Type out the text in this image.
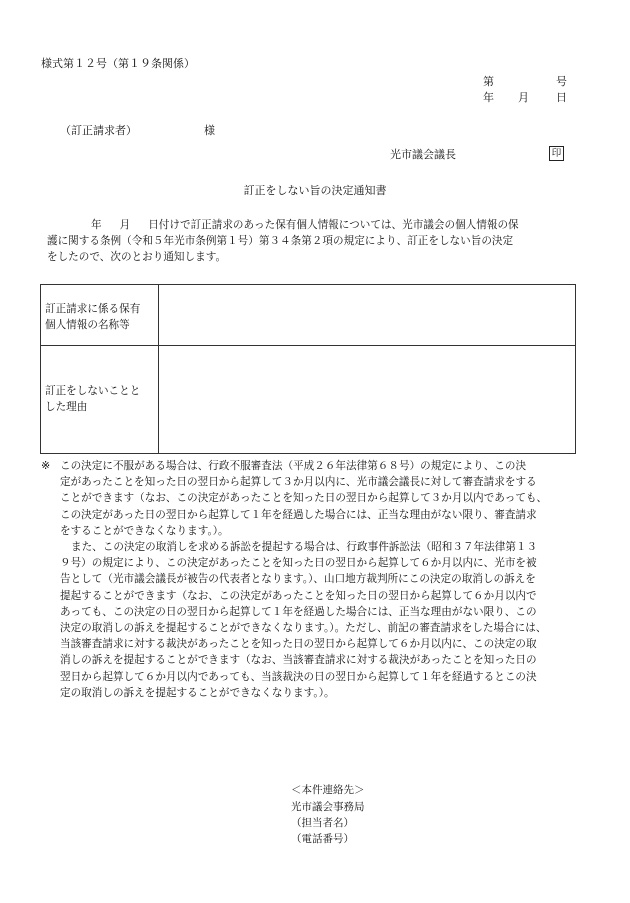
様式第１２号（第１９条関係）
第	号
年 月 日
（訂正請求者）	様
光市議会議長	印
訂正をしない旨の決定通知書
年 月 日付けで訂正請求のあった保有個人情報については、光市議会の個人情報の保
護に関する条例（令和５年光市条例第１号）第３４条第２項の規定により、訂正をしない旨の決定
をしたので、次のとおり通知します。
訂正請求に係る保有
個人情報の名称等
訂正をしないことと
した理由
※ この決定に不服がある場合は、行政不服審査法（平成２６年法律第６８号）の規定により、この決
定があったことを知った日の翌日から起算して３か月以内に、光市議会議長に対して審査請求をする
ことができます（なお、この決定があったことを知った日の翌日から起算して３か月以内であっても、
この決定があった日の翌日から起算して１年を経過した場合には、正当な理由がない限り、審査請求
をすることができなくなります。）。
また、この決定の取消しを求める訴訟を提起する場合は、行政事件訴訟法（昭和３７年法律第１３
９号）の規定により、この決定があったことを知った日の翌日から起算して６か月以内に、光市を被
告として（光市議会議長が被告の代表者となります。）、山口地方裁判所にこの決定の取消しの訴えを
提起することができます（なお、この決定があったことを知った日の翌日から起算して６か月以内で
あっても、この決定の日の翌日から起算して１年を経過した場合には、正当な理由がない限り、この
決定の取消しの訴えを提起することができなくなります。）。ただし、前記の審査請求をした場合には、
当該審査請求に対する裁決があったことを知った日の翌日から起算して６か月以内に、この決定の取
消しの訴えを提起することができます（なお、当該審査請求に対する裁決があったことを知った日の
翌日から起算して６か月以内であっても、当該裁決の日の翌日から起算して１年を経過するとこの決
定の取消しの訴えを提起することができなくなります。）。
＜本件連絡先＞
光市議会事務局
（担当者名）
（電話番号）
